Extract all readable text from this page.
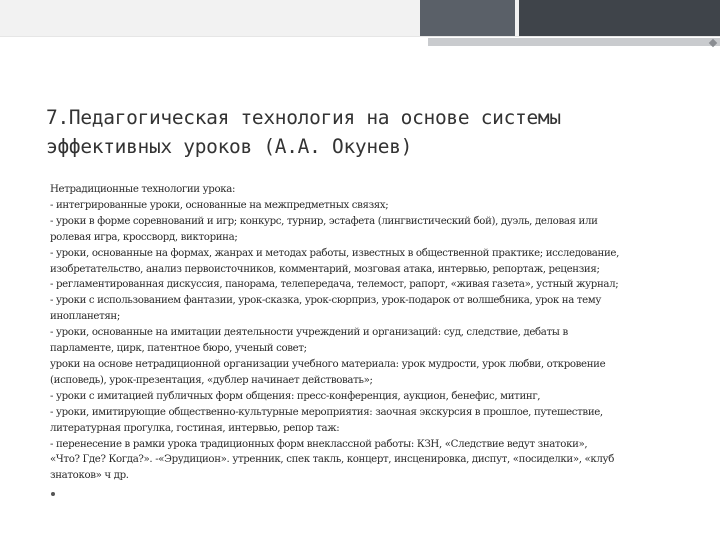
7.Педагогическая технология на основе системы
эффективных уроков (А.А. Окунев)
Нетрадиционные технологии урока:
- интегрированные уроки, основанные на межпредметных связях;
- уроки в форме соревнований и игр; конкурс, турнир, эстафета (лингвистический бой), дуэль, деловая или
ролевая игра, кроссворд, викторина;
- уроки, основанные на формах, жанрах и методах работы, известных в общественной практике; исследование,
изобретательство, анализ первоисточников, комментарий, мозговая атака, интервью, репортаж, рецензия;
- регламентированная дискуссия, панорама, телепередача, телемост, рапорт, «живая газета», устный журнал;
- уроки с использованием фантазии, урок-сказка, урок-сюрприз, урок-подарок от волшебника, урок на тему
инопланетян;
- уроки, основанные на имитации деятельности учреждений и организаций: суд, следствие, дебаты в
парламенте, цирк, патентное бюро, ученый совет;
уроки на основе нетрадиционной организации учебного материала: урок мудрости, урок любви, откровение
(исповедь), урок-презентация, «дублер начинает действовать»;
- уроки с имитацией публичных форм общения: пресс-конференция, аукцион, бенефис, митинг,
- уроки, имитирующие общественно-культурные мероприятия: заочная экскурсия в прошлое, путешествие,
литературная прогулка, гостиная, интервью, репор таж:
- перенесение в рамки урока традиционных форм внеклассной работы: КЗН, «Следствие ведут знатоки»,
«Что? Где? Когда?». -«Эрудицион». утренник, спек такль, концерт, инсценировка, диспут, «посиделки», «клуб
знатоков» ч др.
